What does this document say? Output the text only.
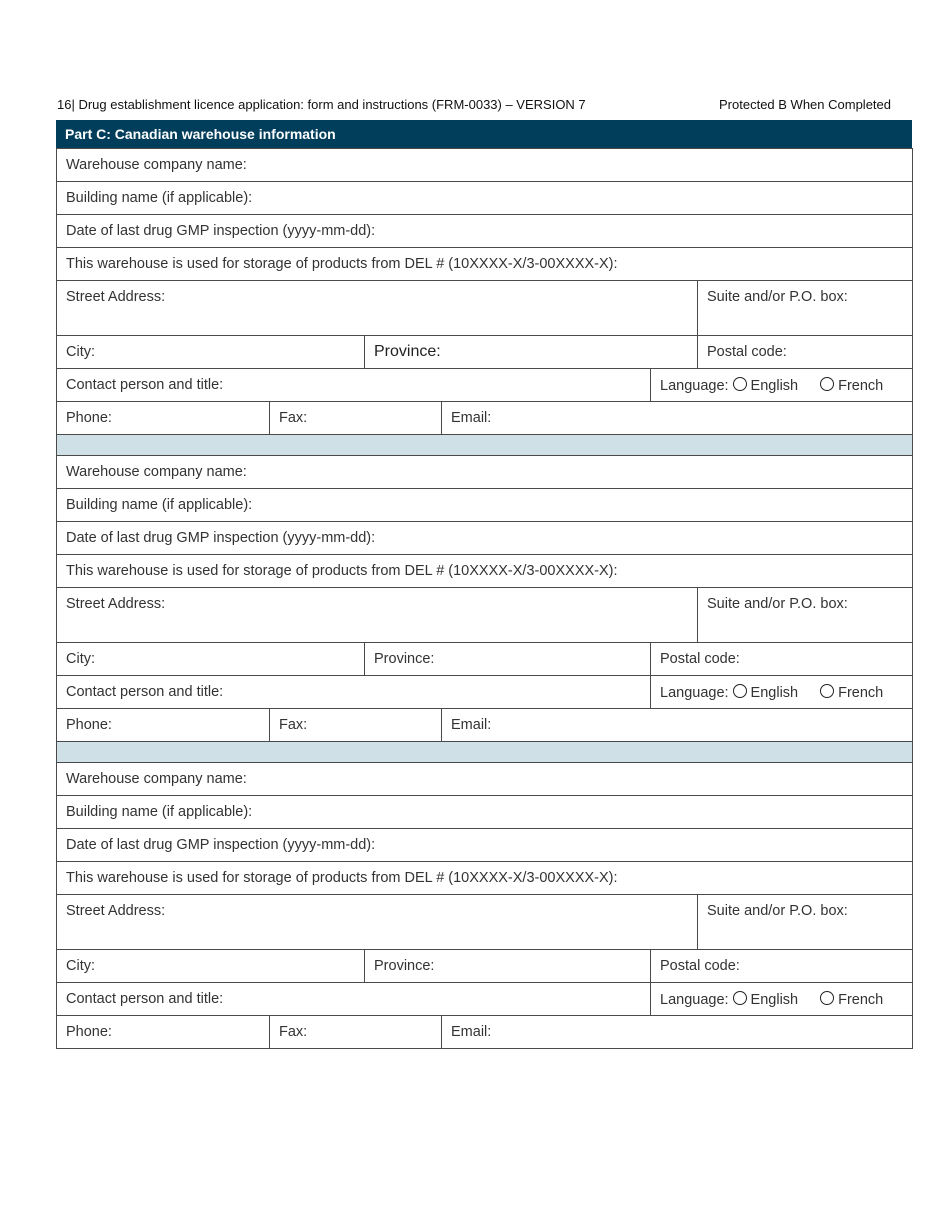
16| Drug establishment licence application: form and instructions (FRM-0033) – VERSION 7	Protected B When Completed
Part C: Canadian warehouse information
Warehouse company name:					
Building name (if applicable):					
Date of last drug GMP inspection (yyyy-mm-dd):					
This warehouse is used for storage of products from DEL # (10XXXX-X/3-00XXXX-X):					
Street Address:					Suite and/or P.O. box:
City:		Province:			Postal code:
Contact person and title:				Language: English French	
Phone:	Fax:		Email:		

Warehouse company name:					
Building name (if applicable):					
Date of last drug GMP inspection (yyyy-mm-dd):					
This warehouse is used for storage of products from DEL # (10XXXX-X/3-00XXXX-X):					
Street Address:					Suite and/or P.O. box:
City:		Province:		Postal code:	
Contact person and title:				Language: English French	
Phone:	Fax:		Email:		

Warehouse company name:					
Building name (if applicable):					
Date of last drug GMP inspection (yyyy-mm-dd):					
This warehouse is used for storage of products from DEL # (10XXXX-X/3-00XXXX-X):					
Street Address:					Suite and/or P.O. box:
City:		Province:		Postal code:	
Contact person and title:				Language: English French	
Phone:	Fax:		Email:		
